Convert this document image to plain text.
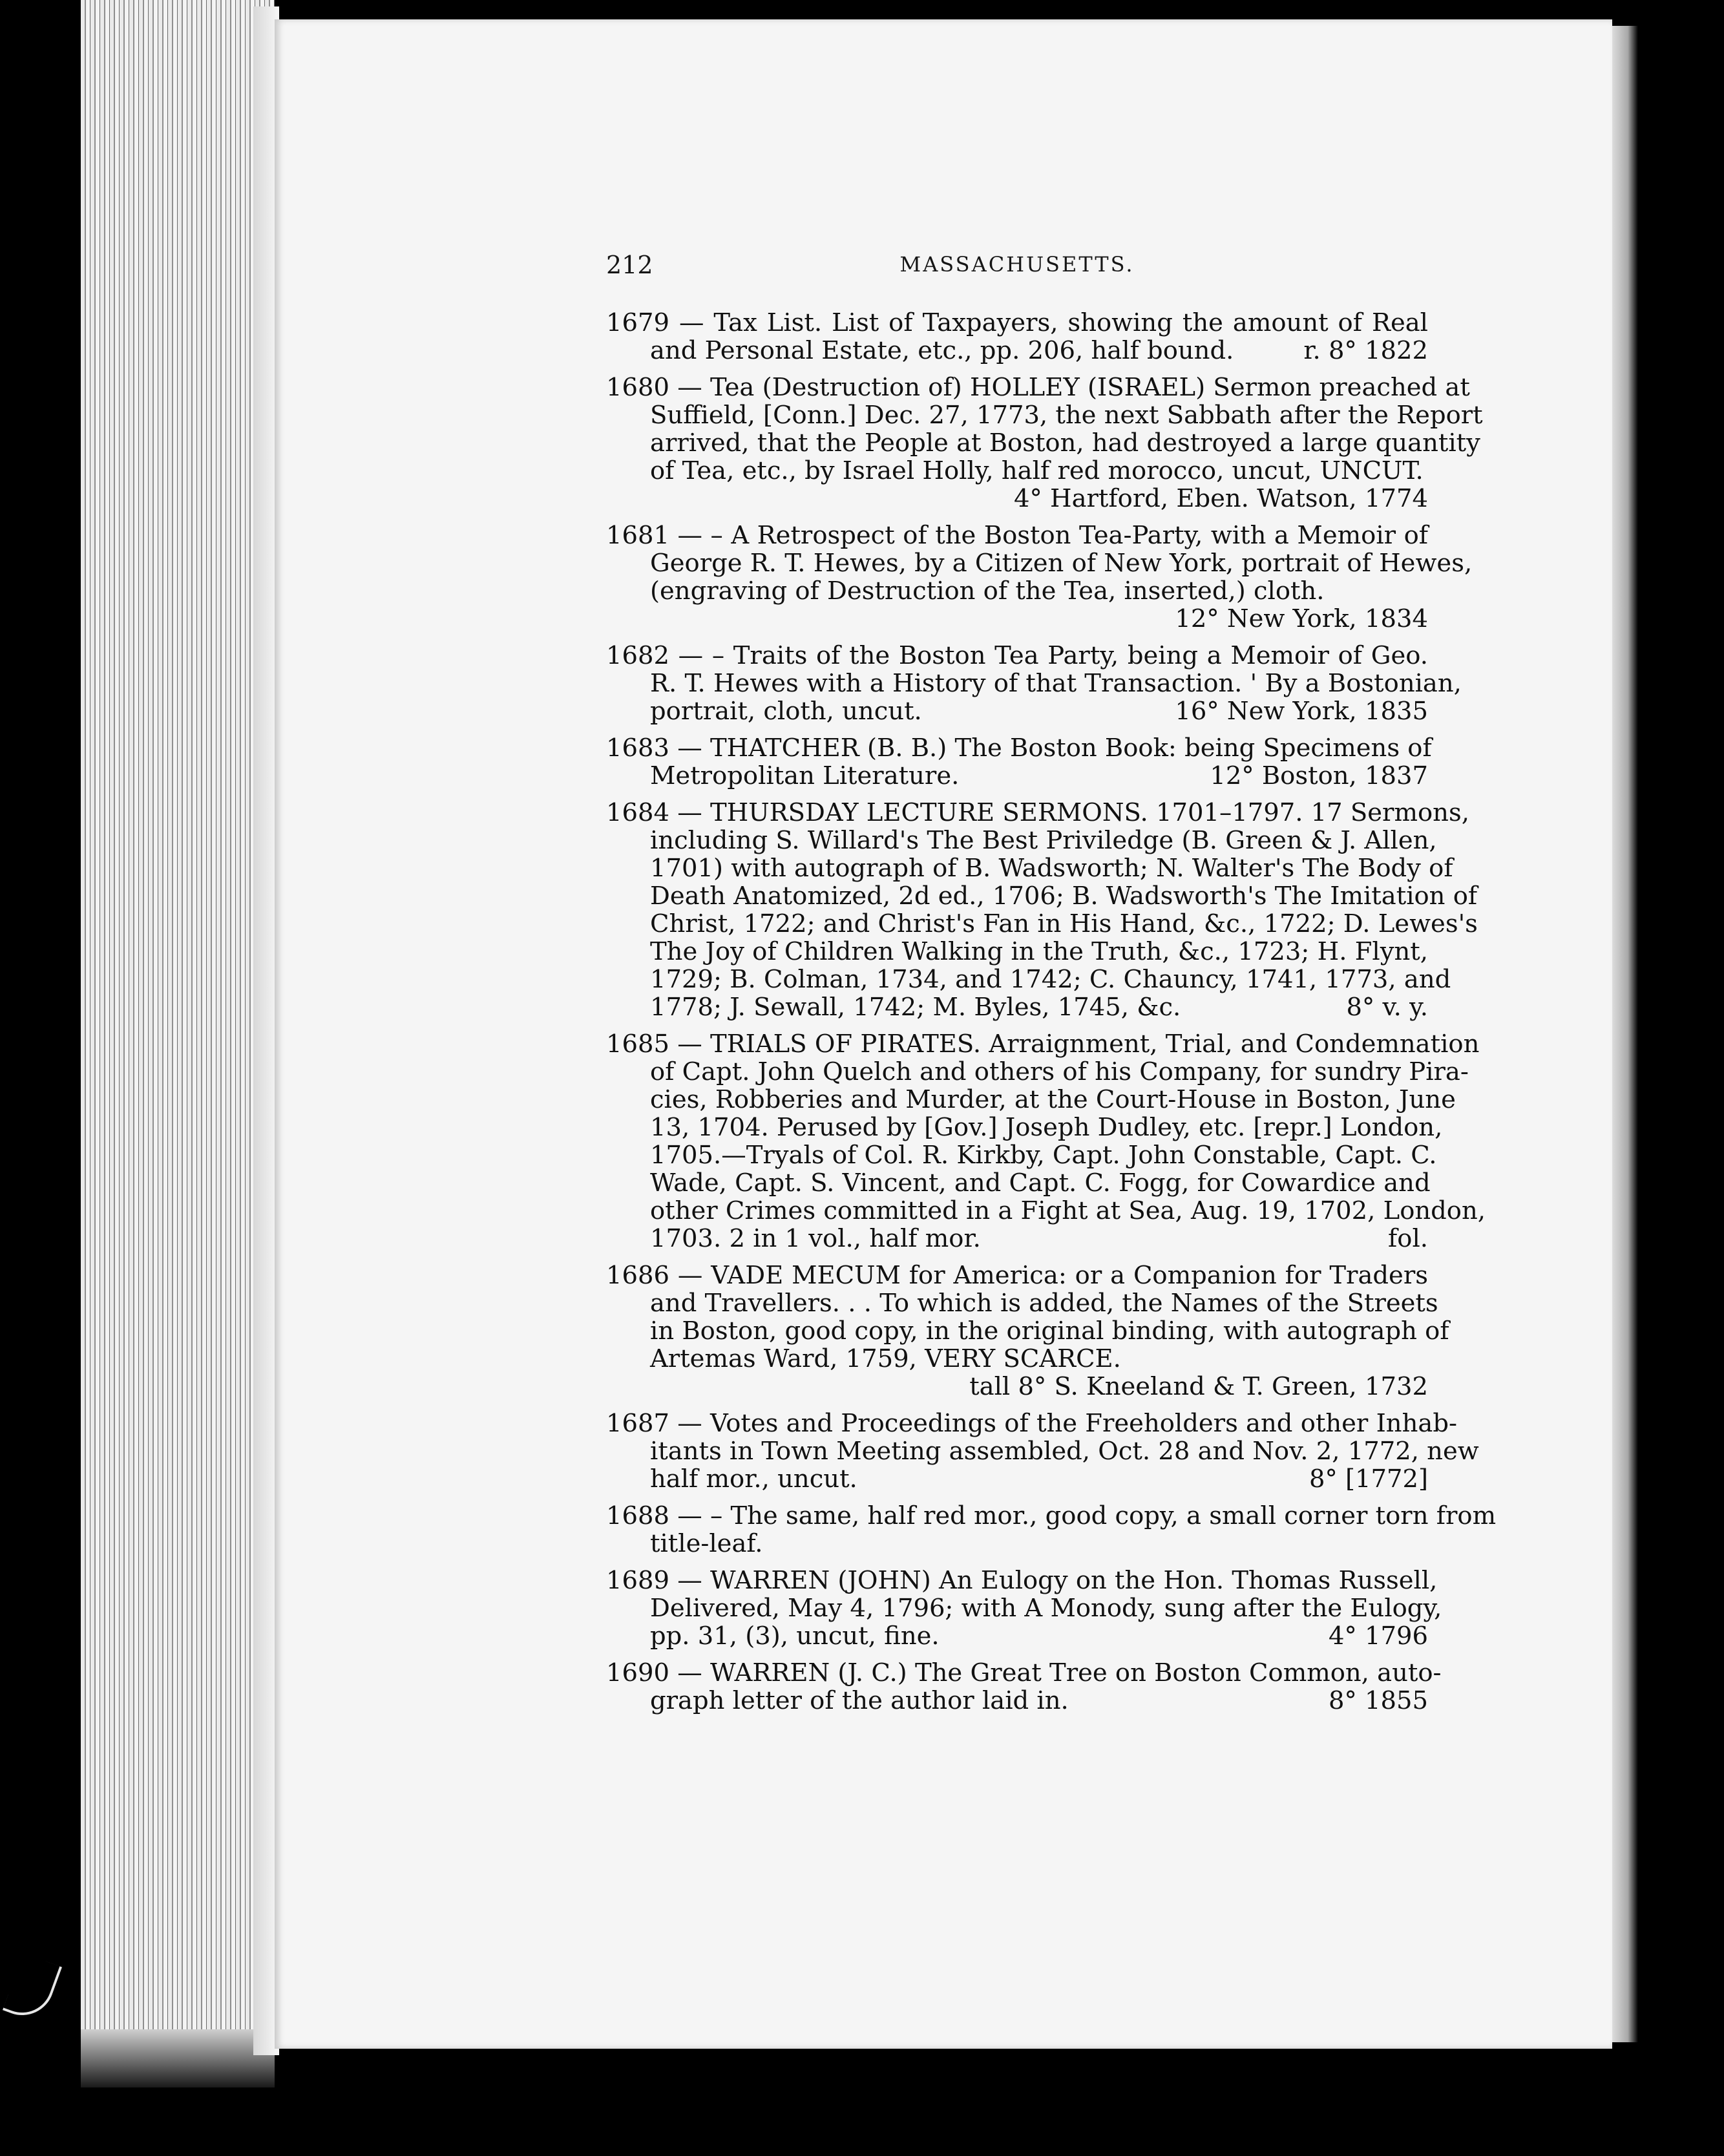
212	MASSACHUSETTS.
1679 — Tax List. List of Taxpayers, showing the amount of Real
and Personal Estate, etc., pp. 206, half bound.	r. 8° 1822
1680 — Tea (Destruction of) HOLLEY (ISRAEL) Sermon preached at
Suffield, [Conn.] Dec. 27, 1773, the next Sabbath after the Report
arrived, that the People at Boston, had destroyed a large quantity
of Tea, etc., by Israel Holly, half red morocco, uncut, UNCUT.
4° Hartford, Eben. Watson, 1774
1681 — – A Retrospect of the Boston Tea-Party, with a Memoir of
George R. T. Hewes, by a Citizen of New York, portrait of Hewes,
(engraving of Destruction of the Tea, inserted,) cloth.
12° New York, 1834
1682 — – Traits of the Boston Tea Party, being a Memoir of Geo.
R. T. Hewes with a History of that Transaction. ' By a Bostonian,
portrait, cloth, uncut.	16° New York, 1835
1683 — THATCHER (B. B.) The Boston Book: being Specimens of
Metropolitan Literature.	12° Boston, 1837
1684 — THURSDAY LECTURE SERMONS. 1701–1797. 17 Sermons,
including S. Willard's The Best Priviledge (B. Green & J. Allen,
1701) with autograph of B. Wadsworth; N. Walter's The Body of
Death Anatomized, 2d ed., 1706; B. Wadsworth's The Imitation of
Christ, 1722; and Christ's Fan in His Hand, &c., 1722; D. Lewes's
The Joy of Children Walking in the Truth, &c., 1723; H. Flynt,
1729; B. Colman, 1734, and 1742; C. Chauncy, 1741, 1773, and
1778; J. Sewall, 1742; M. Byles, 1745, &c.	8° v. y.
1685 — TRIALS OF PIRATES. Arraignment, Trial, and Condemnation
of Capt. John Quelch and others of his Company, for sundry Pira-
cies, Robberies and Murder, at the Court-House in Boston, June
13, 1704. Perused by [Gov.] Joseph Dudley, etc. [repr.] London,
1705.—Tryals of Col. R. Kirkby, Capt. John Constable, Capt. C.
Wade, Capt. S. Vincent, and Capt. C. Fogg, for Cowardice and
other Crimes committed in a Fight at Sea, Aug. 19, 1702, London,
1703. 2 in 1 vol., half mor.	fol.
1686 — VADE MECUM for America: or a Companion for Traders
and Travellers. . . To which is added, the Names of the Streets
in Boston, good copy, in the original binding, with autograph of
Artemas Ward, 1759, VERY SCARCE.
tall 8° S. Kneeland & T. Green, 1732
1687 — Votes and Proceedings of the Freeholders and other Inhab-
itants in Town Meeting assembled, Oct. 28 and Nov. 2, 1772, new
half mor., uncut.	8° [1772]
1688 — – The same, half red mor., good copy, a small corner torn from
title-leaf.
1689 — WARREN (JOHN) An Eulogy on the Hon. Thomas Russell,
Delivered, May 4, 1796; with A Monody, sung after the Eulogy,
pp. 31, (3), uncut, fine.	4° 1796
1690 — WARREN (J. C.) The Great Tree on Boston Common, auto-
graph letter of the author laid in.	8° 1855
